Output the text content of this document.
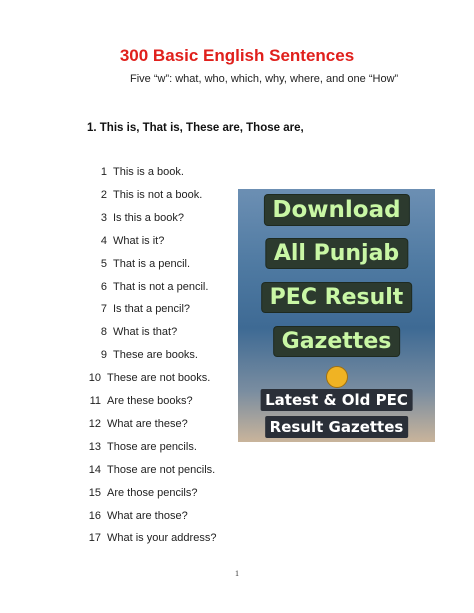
300 Basic English Sentences
Five “w”: what, who, which, why, where, and one “How”
1. This is, That is, These are, Those are,
1 This is a book.
2 This is not a book.
3 Is this a book?
4 What is it?
5 That is a pencil.
6 That is not a pencil.
7 Is that a pencil?
8 What is that?
9 These are books.
10 These are not books.
11 Are these books?
12 What are these?
13 Those are pencils.
14 Those are not pencils.
15 Are those pencils?
16 What are those?
17 What is your address?
Download
All Punjab
PEC Result
Gazettes
Latest & Old PEC
Result Gazettes
1
